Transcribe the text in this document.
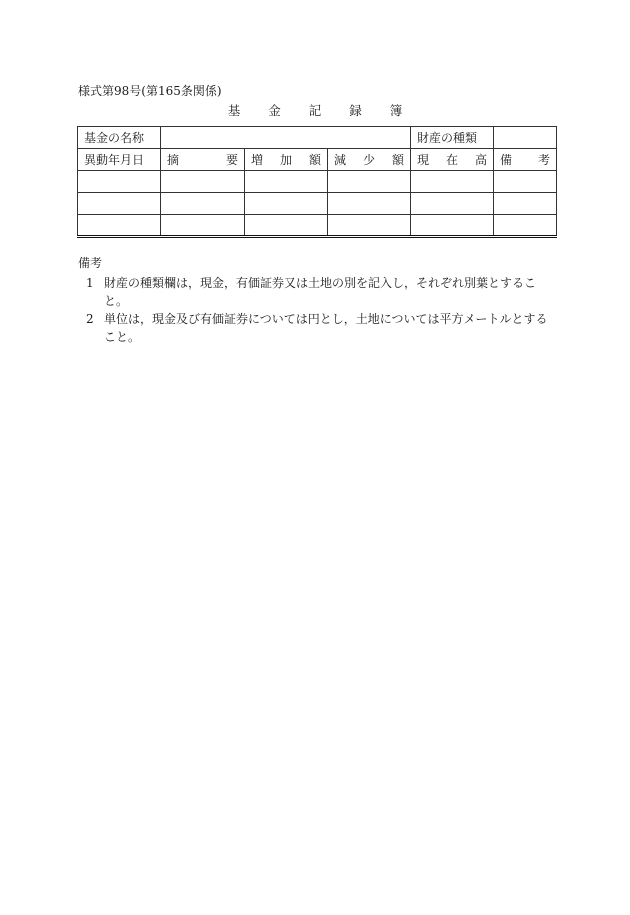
様式第98号(第165条関係)
基 金 記 録 簿
基金の名称				財産の種類	

異動年月日	摘 要	増 加 額	減 少 額	現 在 高	備 考

備考
1 財産の種類欄は，現金，有価証券又は土地の別を記入し，それぞれ別葉とするこ
と。
2 単位は，現金及び有価証券については円とし，土地については平方メートルとする
こと。
